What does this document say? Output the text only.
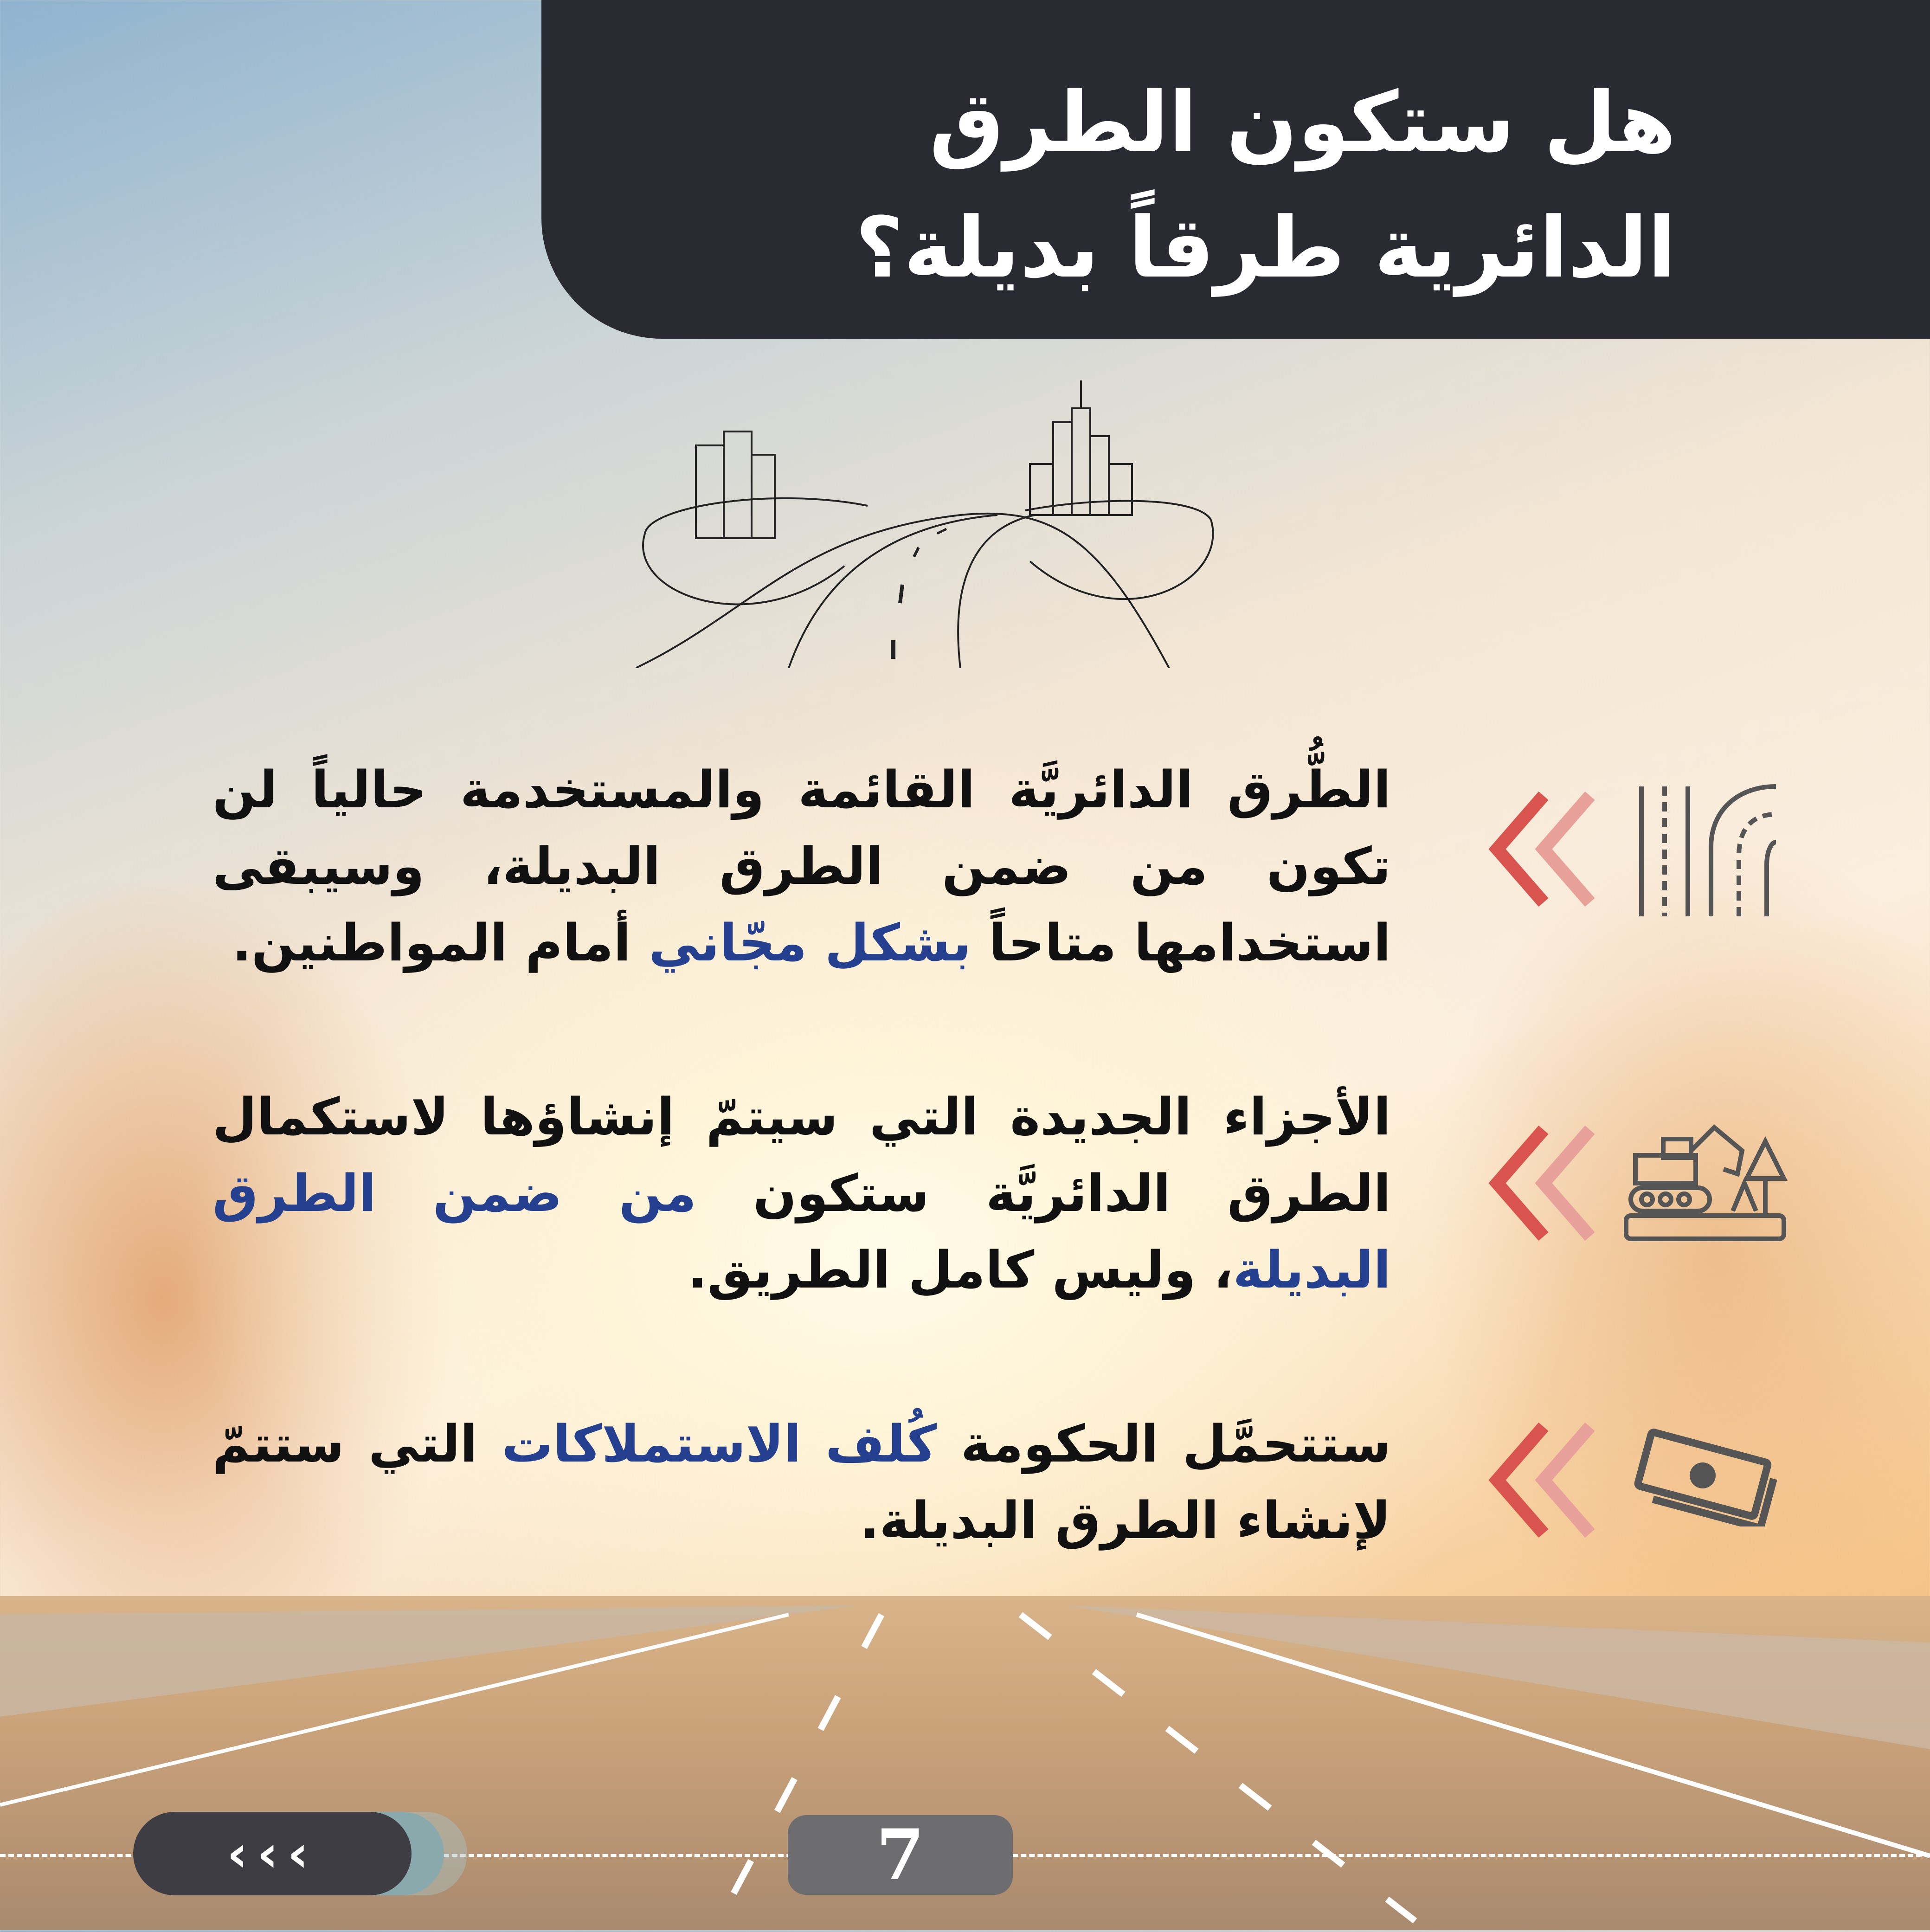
هل ستكون الطرق
الدائرية طرقاً بديلة؟

الطُّرق الدائريَّة القائمة والمستخدمة حالياً لن تكون من ضمن الطرق البديلة، وسيبقى استخدامها متاحاً بشكل مجّاني أمام المواطنين.

الأجزاء الجديدة التي سيتمّ إنشاؤها لاستكمال الطرق الدائريَّة ستكون من ضمن الطرق البديلة، وليس كامل الطريق.

ستتحمَّل الحكومة كُلف الاستملاكات التي ستتمّ لإنشاء الطرق البديلة.

‹‹‹	7
